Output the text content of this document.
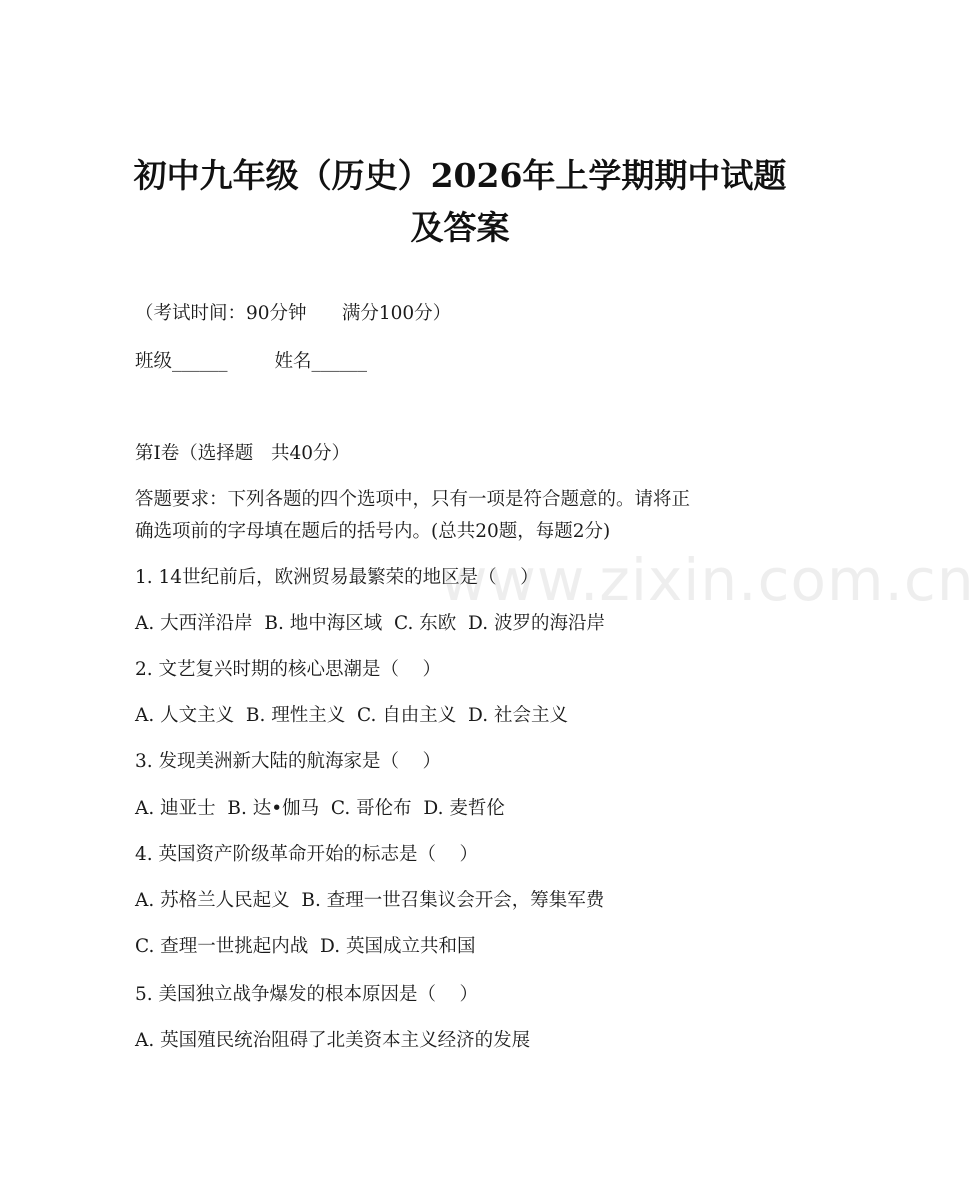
初中九年级（历史）2026年上学期期中试题
及答案
（考试时间：90分钟      满分100分）
班级______        姓名______
第Ⅰ卷（选择题   共40分）
答题要求：下列各题的四个选项中，只有一项是符合题意的。请将正
确选项前的字母填在题后的括号内。(总共20题，每题2分)
1. 14世纪前后，欧洲贸易最繁荣的地区是（    ）
A. 大西洋沿岸  B. 地中海区域  C. 东欧  D. 波罗的海沿岸
2. 文艺复兴时期的核心思潮是（    ）
A. 人文主义  B. 理性主义  C. 自由主义  D. 社会主义
3. 发现美洲新大陆的航海家是（    ）
A. 迪亚士  B. 达•伽马  C. 哥伦布  D. 麦哲伦
4. 英国资产阶级革命开始的标志是（    ）
A. 苏格兰人民起义  B. 查理一世召集议会开会，筹集军费
C. 查理一世挑起内战  D. 英国成立共和国
5. 美国独立战争爆发的根本原因是（    ）
A. 英国殖民统治阻碍了北美资本主义经济的发展
www.zixin.com.cn
